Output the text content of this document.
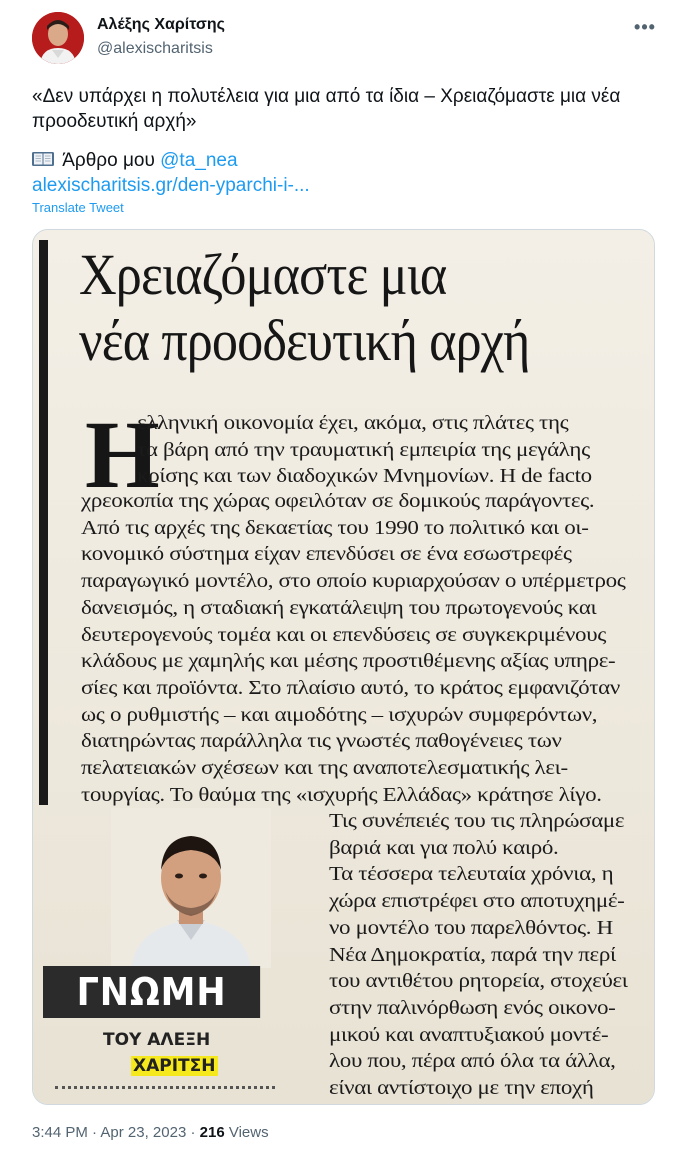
Αλέξης Χαρίτσης
@alexischaritsis
•••
«Δεν υπάρχει η πολυτέλεια για μια από τα ίδια – Χρειαζόμαστε μια νέα προοδευτική αρχή»
Άρθρο μου @ta_nea
alexischaritsis.gr/den-yparchi-i-...
Translate Tweet
Χρειαζόμαστε μια
νέα προοδευτική αρχή
Η
ελληνική οικονομία έχει, ακόμα, στις πλάτες της
τα βάρη από την τραυματική εμπειρία της μεγάλης
κρίσης και των διαδοχικών Μνημονίων. Η de facto
χρεοκοπία της χώρας οφειλόταν σε δομικούς παράγοντες.
Από τις αρχές της δεκαετίας του 1990 το πολιτικό και οι-
κονομικό σύστημα είχαν επενδύσει σε ένα εσωστρεφές
παραγωγικό μοντέλο, στο οποίο κυριαρχούσαν ο υπέρμετρος
δανεισμός, η σταδιακή εγκατάλειψη του πρωτογενούς και
δευτερογενούς τομέα και οι επενδύσεις σε συγκεκριμένους
κλάδους με χαμηλής και μέσης προστιθέμενης αξίας υπηρε-
σίες και προϊόντα. Στο πλαίσιο αυτό, το κράτος εμφανιζόταν
ως ο ρυθμιστής – και αιμοδότης – ισχυρών συμφερόντων,
διατηρώντας παράλληλα τις γνωστές παθογένειες των
πελατειακών σχέσεων και της αναποτελεσματικής λει-
τουργίας. Το θαύμα της «ισχυρής Ελλάδας» κράτησε λίγο.
ΓΝΩΜΗ
ΤΟΥ ΑΛΕΞΗ
ΧΑΡΙΤΣΗ
Τις συνέπειές του τις πληρώσαμε
βαριά και για πολύ καιρό.
Τα τέσσερα τελευταία χρόνια, η
χώρα επιστρέφει στο αποτυχημέ-
νο μοντέλο του παρελθόντος. Η
Νέα Δημοκρατία, παρά την περί
του αντιθέτου ρητορεία, στοχεύει
στην παλινόρθωση ενός οικονο-
μικού και αναπτυξιακού μοντέ-
λου που, πέρα από όλα τα άλλα,
είναι αντίστοιχο με την εποχή
3:44 PM · Apr 23, 2023 · 216 Views
